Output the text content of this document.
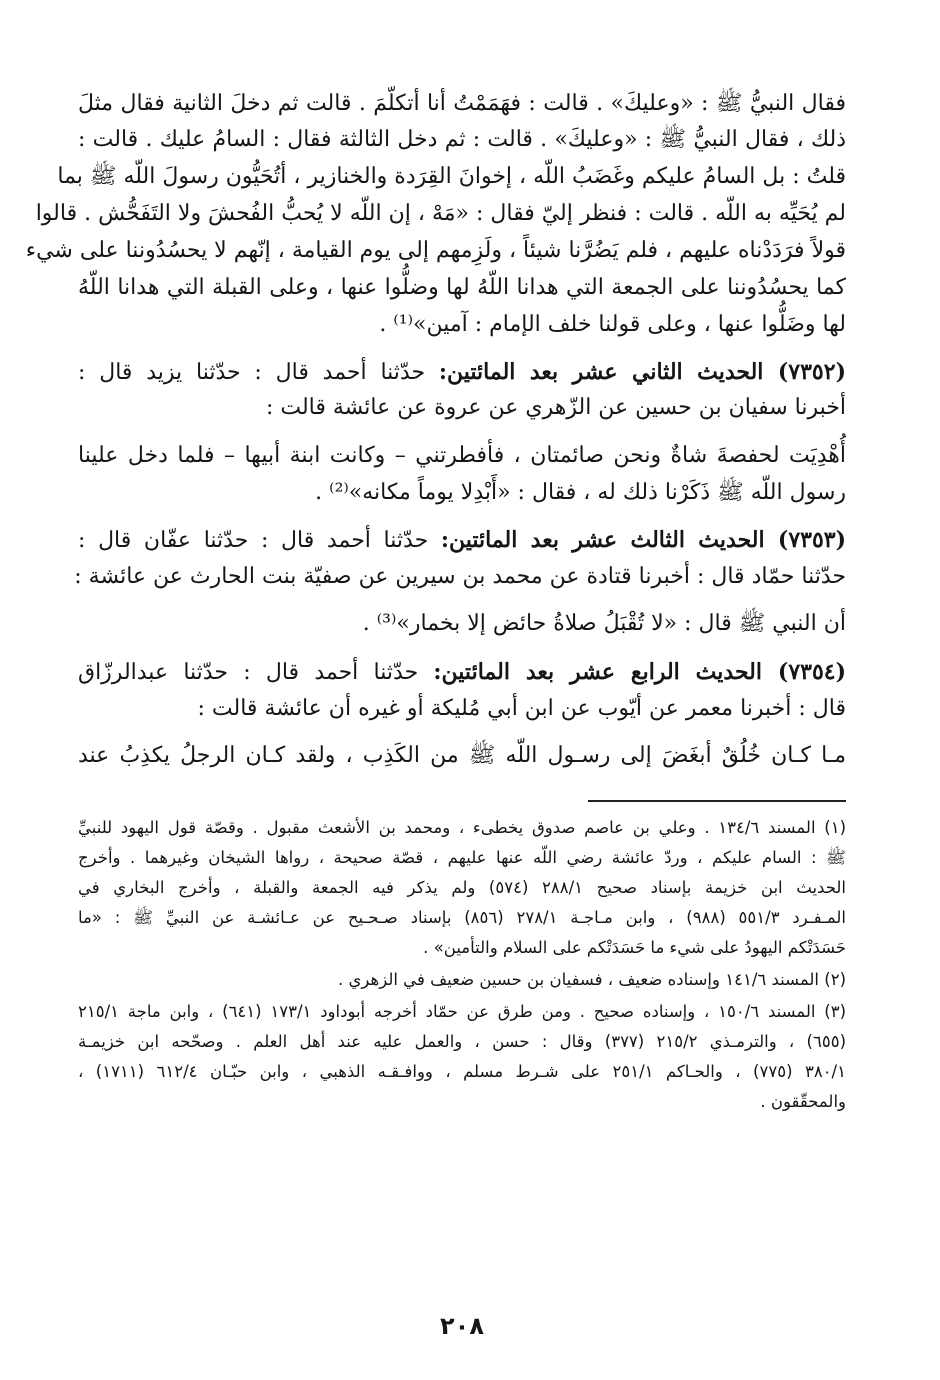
فقال النبيُّ ﷺ : «وعليكَ» . قالت : فهَمَمْتُ أنا أتكلّمَ . قالت ثم دخلَ الثانية فقال مثلَ
ذلك ، فقال النبيُّ ﷺ : «وعليكَ» . قالت : ثم دخل الثالثة فقال : السامُ عليك . قالت :
قلتُ : بل السامُ عليكم وغَضَبُ اللّه ، إخوانَ القِرَدة والخنازير ، أتُحَيُّون رسولَ اللّه ﷺ بما
لم يُحَيِّه به اللّه . قالت : فنظر إليّ فقال : «مَهْ ، إن اللّه لا يُحبُّ الفُحشَ ولا التَفَحُّش . قالوا
قولاً فرَدَدْناه عليهم ، فلم يَضُرَّنا شيئاً ، ولَزِمهم إلى يوم القيامة ، إنّهم لا يحسُدُوننا على شيء
كما يحسُدُوننا على الجمعة التي هدانا اللّهُ لها وضلُّوا عنها ، وعلى القبلة التي هدانا اللّهُ
لها وضَلُّوا عنها ، وعلى قولنا خلف الإمام : آمين»⁽¹⁾ .
(٧٣٥٢) الحديث الثاني عشر بعد المائتين: حدّثنا أحمد قال : حدّثنا يزيد قال :
أخبرنا سفيان بن حسين عن الزّهري عن عروة عن عائشة قالت :
أُهْدِيَت لحفصةَ شاةٌ ونحن صائمتان ، فأفطرتني – وكانت ابنة أبيها – فلما دخل علينا
رسول اللّه ﷺ ذَكَرْنا ذلك له ، فقال : «أَبْدِلا يوماً مكانه»⁽²⁾ .
(٧٣٥٣) الحديث الثالث عشر بعد المائتين: حدّثنا أحمد قال : حدّثنا عفّان قال :
حدّثنا حمّاد قال : أخبرنا قتادة عن محمد بن سيرين عن صفيّة بنت الحارث عن عائشة :
أن النبي ﷺ قال : «لا تُقْبَلُ صلاةُ حائض إلا بخمار»⁽³⁾ .
(٧٣٥٤) الحديث الرابع عشر بعد المائتين: حدّثنا أحمد قال : حدّثنا عبدالرزّاق
قال : أخبرنا معمر عن أيّوب عن ابن أبي مُليكة أو غيره أن عائشة قالت :
مـا كـان خُلُقٌ أبغَضَ إلى رسـول اللّه ﷺ من الكَذِب ، ولقد كـان الرجلُ يكذِبُ عند
(١) المسند ١٣٤/٦ . وعلي بن عاصم صدوق يخطىء ، ومحمد بن الأشعث مقبول . وقصّة قول اليهود للنبيِّ
ﷺ : السام عليكم ، وردّ عائشة رضي اللّه عنها عليهم ، قصّة صحيحة ، رواها الشيخان وغيرهما . وأخرج
الحديث ابن خزيمة بإسناد صحيح ٢٨٨/١ (٥٧٤) ولم يذكر فيه الجمعة والقبلة ، وأخرج البخاري في
المـفـرد ٥٥١/٣ (٩٨٨) ، وابن مـاجـة ٢٧٨/١ (٨٥٦) بإسناد صـحـيح عن عـائشـة عن النبيِّ ﷺ : «ما
حَسَدَتْكم اليهودُ على شيء ما حَسَدَتْكم على السلام والتأمين» .
(٢) المسند ١٤١/٦ وإسناده ضعيف ، فسفيان بن حسين ضعيف في الزهري .
(٣) المسند ١٥٠/٦ ، وإسناده صحيح . ومن طرق عن حمّاد أخرجه أبوداود ١٧٣/١ (٦٤١) ، وابن ماجة ٢١٥/١
(٦٥٥) ، والترمـذي ٢١٥/٢ (٣٧٧) وقال : حسن ، والعمل عليه عند أهل العلم . وصحّحه ابن خزيمـة
٣٨٠/١ (٧٧٥) ، والحـاكم ٢٥١/١ على شـرط مسلم ، ووافـقـه الذهبي ، وابن حبّـان ٦١٢/٤ (١٧١١) ،
والمحقّقون .
٢٠٨
